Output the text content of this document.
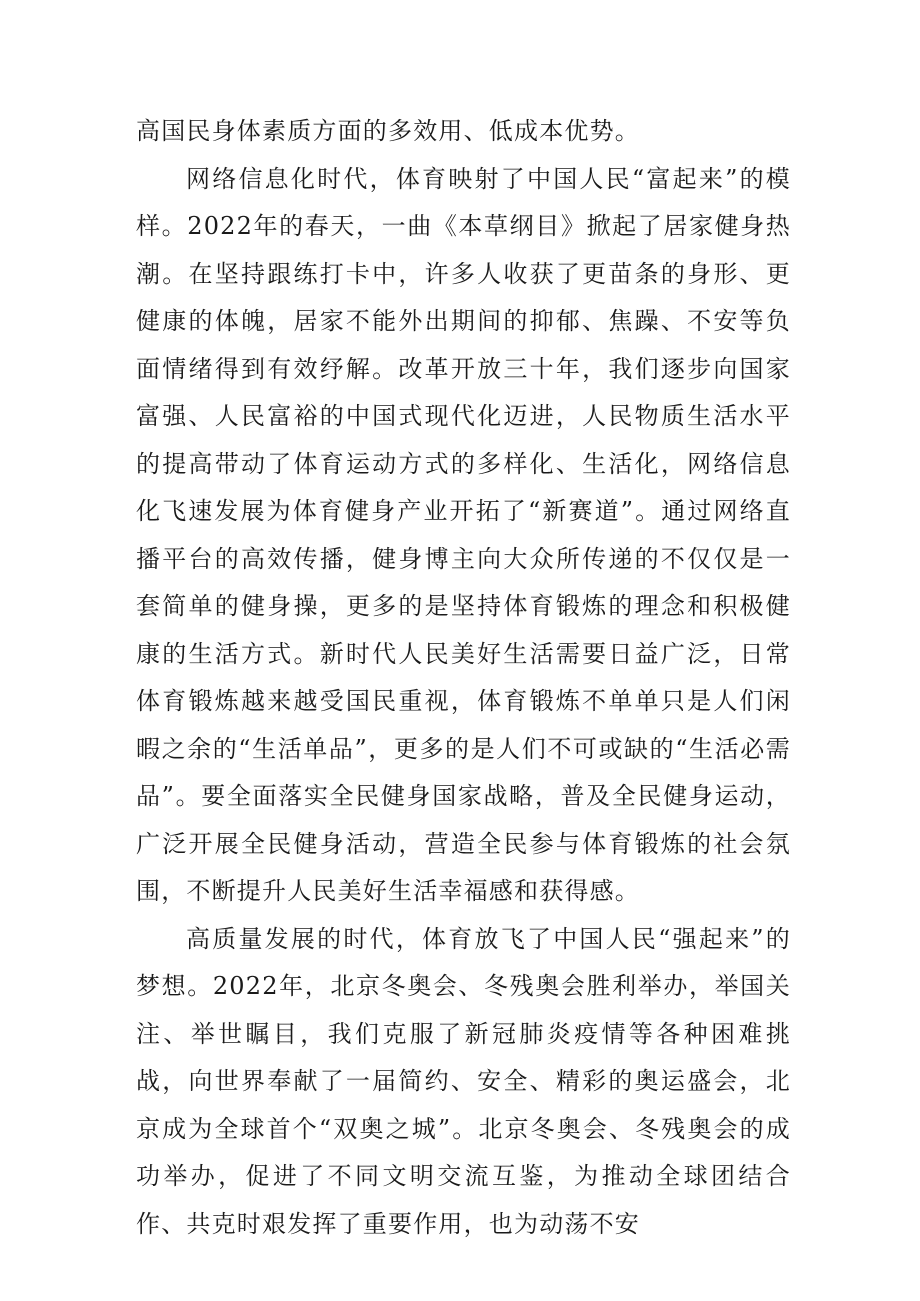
高国民身体素质方面的多效用、低成本优势。

网络信息化时代，体育映射了中国人民“富起来”的模样。2022年的春天，一曲《本草纲目》掀起了居家健身热潮。在坚持跟练打卡中，许多人收获了更苗条的身形、更健康的体魄，居家不能外出期间的抑郁、焦躁、不安等负面情绪得到有效纾解。改革开放三十年，我们逐步向国家富强、人民富裕的中国式现代化迈进，人民物质生活水平的提高带动了体育运动方式的多样化、生活化，网络信息化飞速发展为体育健身产业开拓了“新赛道”。通过网络直播平台的高效传播，健身博主向大众所传递的不仅仅是一套简单的健身操，更多的是坚持体育锻炼的理念和积极健康的生活方式。新时代人民美好生活需要日益广泛，日常体育锻炼越来越受国民重视，体育锻炼不单单只是人们闲暇之余的“生活单品”，更多的是人们不可或缺的“生活必需品”。要全面落实全民健身国家战略，普及全民健身运动，广泛开展全民健身活动，营造全民参与体育锻炼的社会氛围，不断提升人民美好生活幸福感和获得感。

高质量发展的时代，体育放飞了中国人民“强起来”的梦想。2022年，北京冬奥会、冬残奥会胜利举办，举国关注、举世瞩目，我们克服了新冠肺炎疫情等各种困难挑战，向世界奉献了一届简约、安全、精彩的奥运盛会，北京成为全球首个“双奥之城”。北京冬奥会、冬残奥会的成功举办，促进了不同文明交流互鉴，为推动全球团结合作、共克时艰发挥了重要作用，也为动荡不安
